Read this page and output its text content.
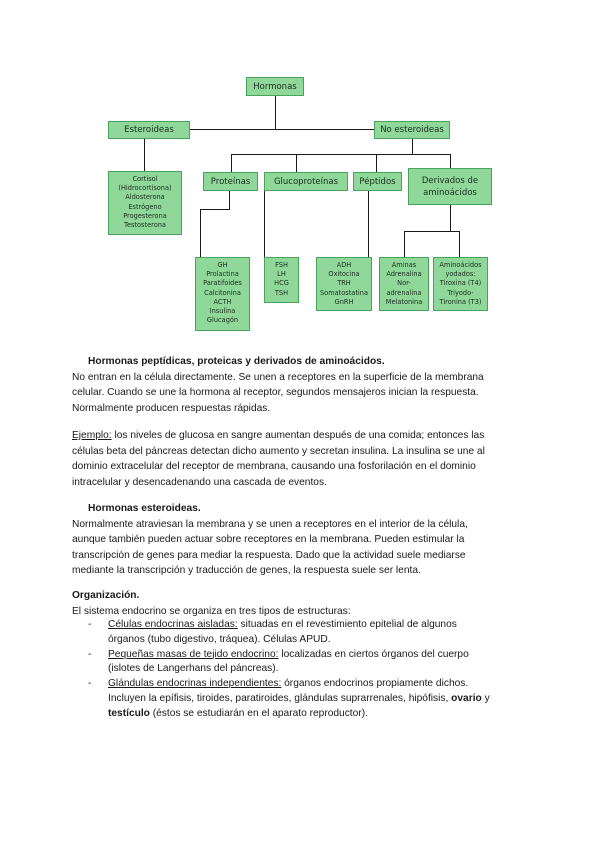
Hormonas
Esteroideas	No esteroideas
Proteínas	Glucoproteínas	Péptidos	Derivados de
aminoácidos
Cortisol
(Hidrocortisona)
Aldosterona
Estrógeno
Progesterona
Testosterona
GH
Prolactina
Paratifoides
Calcitonina
ACTH
Insulina
Glucagón
FSH
LH
HCG
TSH
ADH
Oxitocina
TRH
Somatostatina
GnRH
Aminas
Adrenalina
Nor-
adrenalina
Melatonina
Aminoácidos
yodados:
Tiroxina (T4)
Triyodo-
Tironina (T3)

Hormonas peptídicas, proteicas y derivados de aminoácidos.

No entran en la célula directamente. Se unen a receptores en la superficie de la membrana

celular. Cuando se une la hormona al receptor, segundos mensajeros inician la respuesta.

Normalmente producen respuestas rápidas.

Ejemplo: los niveles de glucosa en sangre aumentan después de una comida; entonces las

células beta del páncreas detectan dicho aumento y secretan insulina. La insulina se une al

dominio extracelular del receptor de membrana, causando una fosforilación en el dominio

intracelular y desencadenando una cascada de eventos.

Hormonas esteroideas.

Normalmente atraviesan la membrana y se unen a receptores en el interior de la célula,

aunque también pueden actuar sobre receptores en la membrana. Pueden estimular la

transcripción de genes para mediar la respuesta. Dado que la actividad suele mediarse

mediante la transcripción y traducción de genes, la respuesta suele ser lenta.

Organización.

El sistema endocrino se organiza en tres tipos de estructuras:

- Células endocrinas aisladas: situadas en el revestimiento epitelial de algunos
órganos (tubo digestivo, tráquea). Células APUD.
- Pequeñas masas de tejido endocrino: localizadas en ciertos órganos del cuerpo
(islotes de Langerhans del páncreas).
- Glándulas endocrinas independientes: órganos endocrinos propiamente dichos.
Incluyen la epífisis, tiroides, paratiroides, glándulas suprarrenales, hipófisis, ovario y
testículo (éstos se estudiarán en el aparato reproductor).
